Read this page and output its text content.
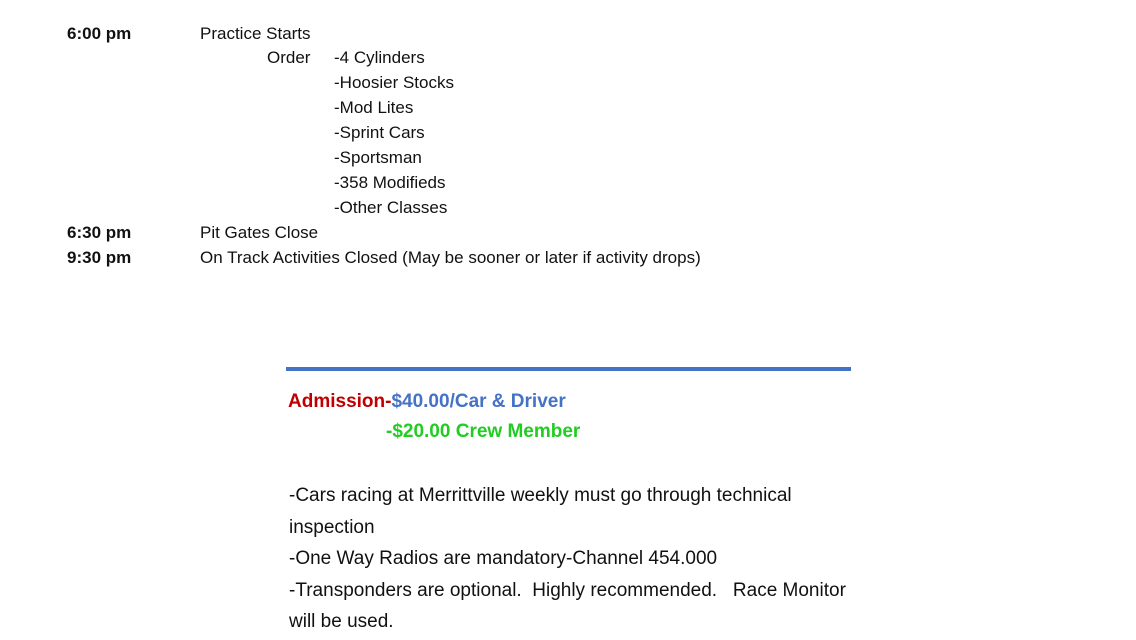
6:00 pm	Practice Starts
Order -4 Cylinders
-Hoosier Stocks
-Mod Lites
-Sprint Cars
-Sportsman
-358 Modifieds
-Other Classes
6:30 pm	Pit Gates Close
9:30 pm	On Track Activities Closed (May be sooner or later if activity drops)
Admission-$40.00/Car & Driver
-$20.00 Crew Member

-Cars racing at Merrittville weekly must go through technical inspection

-One Way Radios are mandatory-Channel 454.000

-Transponders are optional.  Highly recommended.   Race Monitor will be used.
